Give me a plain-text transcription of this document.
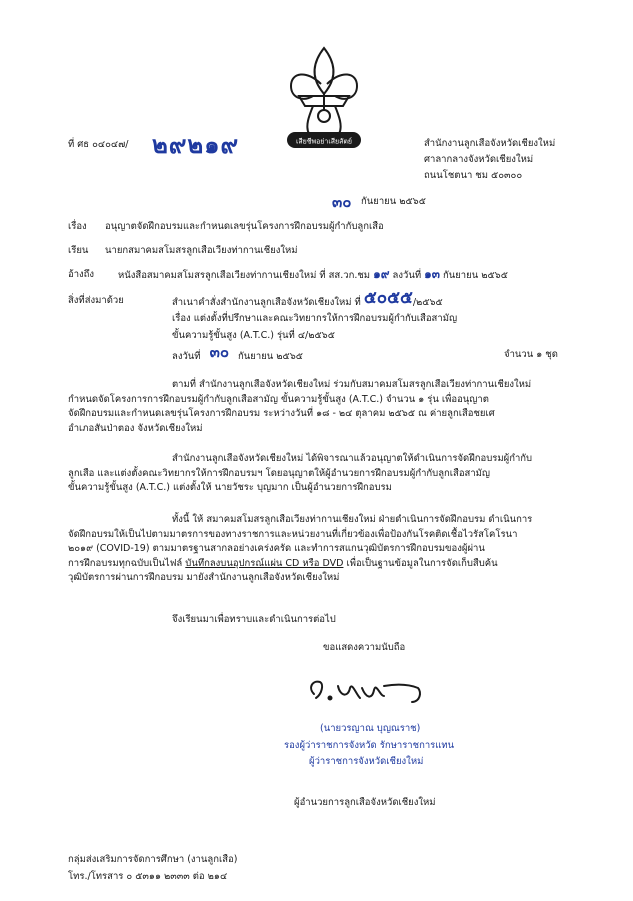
ที่ ศธ ๐๔๐๔๗/ ๒๙๒๑๙	เสียชีพอย่าเสียสัตย์	สำนักงานลูกเสือจังหวัดเชียงใหม่
ศาลากลางจังหวัดเชียงใหม่
ถนนโชตนา ชม ๕๐๓๐๐
๓๐ กันยายน ๒๕๖๕
เรื่อง อนุญาตจัดฝึกอบรมและกำหนดเลขรุ่นโครงการฝึกอบรมผู้กำกับลูกเสือ
เรียน นายกสมาคมสโมสรลูกเสือเวียงท่ากานเชียงใหม่
อ้างถึง	หนังสือสมาคมสโมสรลูกเสือเวียงท่ากานเชียงใหม่ ที่ สส.วก.ชม ๑๙ ลงวันที่ ๑๓ กันยายน ๒๕๖๕
สิ่งที่ส่งมาด้วย	สำเนาคำสั่งสำนักงานลูกเสือจังหวัดเชียงใหม่ ที่ ๕๐๕๕/๒๕๖๕
เรื่อง แต่งตั้งที่ปรึกษาและคณะวิทยากรให้การฝึกอบรมผู้กำกับเสือสามัญ
ขั้นความรู้ขั้นสูง (A.T.C.) รุ่นที่ ๔/๒๕๖๕
ลงวันที่ ๓๐ กันยายน ๒๕๖๕	จำนวน ๑ ชุด
ตามที่ สำนักงานลูกเสือจังหวัดเชียงใหม่ ร่วมกับสมาคมสโมสรลูกเสือเวียงท่ากานเชียงใหม่
กำหนดจัดโครงการการฝึกอบรมผู้กำกับลูกเสือสามัญ ขั้นความรู้ขั้นสูง (A.T.C.) จำนวน ๑ รุ่น เพื่ออนุญาต
จัดฝึกอบรมและกำหนดเลขรุ่นโครงการฝึกอบรม ระหว่างวันที่ ๑๘ - ๒๔ ตุลาคม ๒๕๖๕ ณ ค่ายลูกเสือชยเศ
อำเภอสันป่าตอง จังหวัดเชียงใหม่
สำนักงานลูกเสือจังหวัดเชียงใหม่ ได้พิจารณาแล้วอนุญาตให้ดำเนินการจัดฝึกอบรมผู้กำกับ
ลูกเสือ และแต่งตั้งคณะวิทยากรให้การฝึกอบรมฯ โดยอนุญาตให้ผู้อำนวยการฝึกอบรมผู้กำกับลูกเสือสามัญ
ขั้นความรู้ขั้นสูง (A.T.C.) แต่งตั้งให้ นายวัชระ บุญมาก เป็นผู้อำนวยการฝึกอบรม
ทั้งนี้ ให้ สมาคมสโมสรลูกเสือเวียงท่ากานเชียงใหม่ ฝ่ายดำเนินการจัดฝึกอบรม ดำเนินการ
จัดฝึกอบรมให้เป็นไปตามมาตรการของทางราชการและหน่วยงานที่เกี่ยวข้องเพื่อป้องกันโรคติดเชื้อไวรัสโคโรนา
๒๐๑๙ (COVID-19) ตามมาตรฐานสากลอย่างเคร่งครัด และทำการสแกนวุฒิบัตรการฝึกอบรมของผู้ผ่าน
การฝึกอบรมทุกฉบับเป็นไฟล์ บันทึกลงบนอุปกรณ์แผ่น CD หรือ DVD เพื่อเป็นฐานข้อมูลในการจัดเก็บสืบค้น
วุฒิบัตรการผ่านการฝึกอบรม มายังสำนักงานลูกเสือจังหวัดเชียงใหม่
จึงเรียนมาเพื่อทราบและดำเนินการต่อไป
ขอแสดงความนับถือ
(นายวรญาณ บุญณราช)
รองผู้ว่าราชการจังหวัด รักษาราชการแทน
ผู้ว่าราชการจังหวัดเชียงใหม่
ผู้อำนวยการลูกเสือจังหวัดเชียงใหม่
กลุ่มส่งเสริมการจัดการศึกษา (งานลูกเสือ)
โทร./โทรสาร ๐ ๕๓๑๑ ๒๓๓๓ ต่อ ๒๑๔
